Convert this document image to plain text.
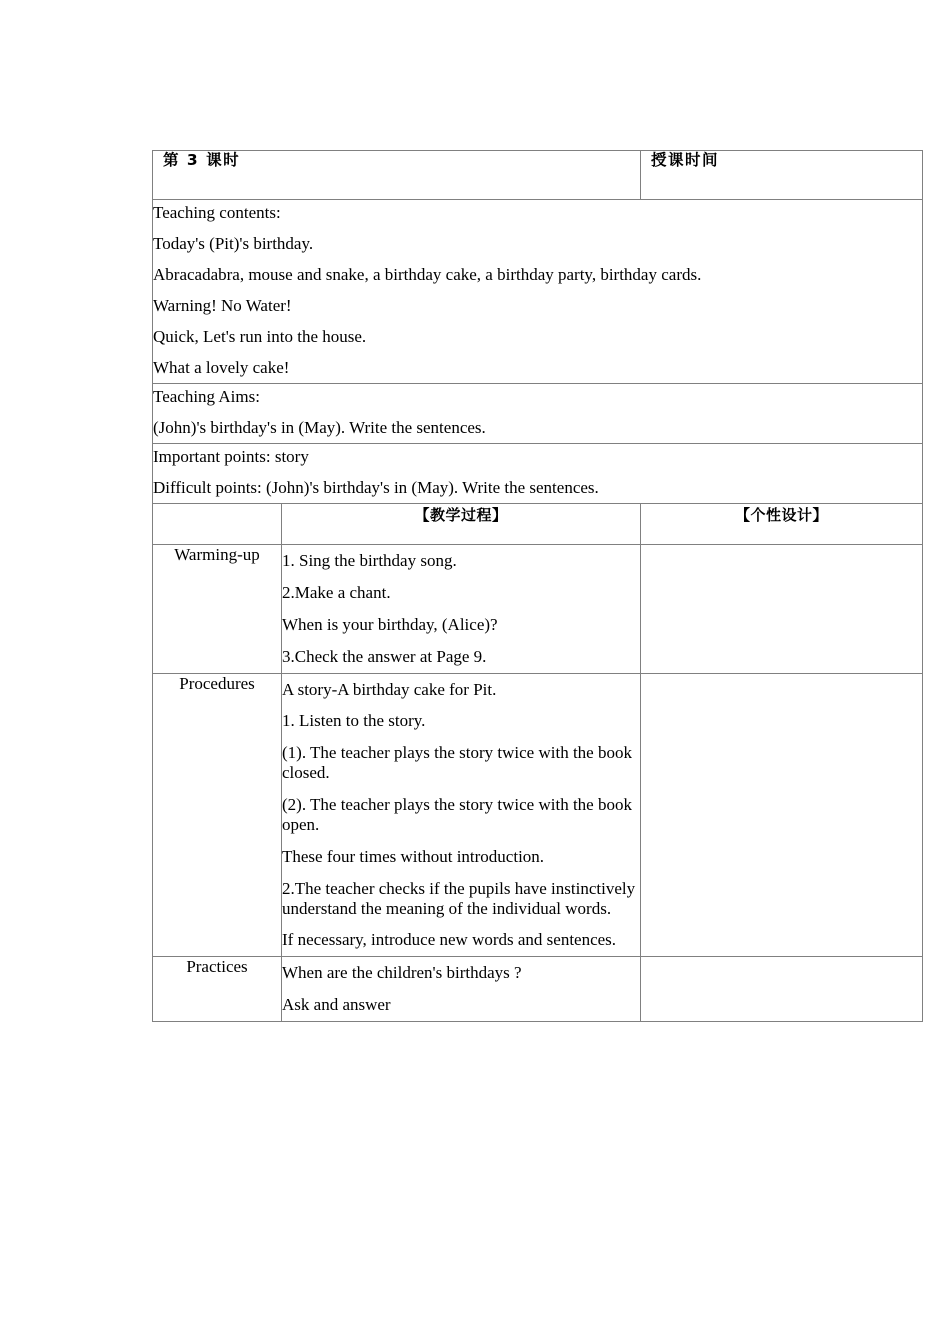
第 3 课时		授课时间

Teaching contents:
Today's (Pit)'s birthday.
Abracadabra, mouse and snake, a birthday cake, a birthday party, birthday cards.
Warning! No Water!
Quick, Let's run into the house.
What a lovely cake!

Teaching Aims:
(John)'s birthday's in (May). Write the sentences.		

Important points: story
Difficult points: (John)'s birthday's in (May). Write the sentences.		

	【教学过程】	【个性设计】
Warming-up	1. Sing the birthday song.
2.Make a chant.
When is your birthday, (Alice)?
3.Check the answer at Page 9.	

Procedures	A story-A birthday cake for Pit.
1. Listen to the story.
(1). The teacher plays the story twice with the book closed.
(2). The teacher plays the story twice with the book open.
These four times without introduction.
2.The teacher checks if the pupils have instinctively understand the meaning of the individual words.
If necessary, introduce new words and sentences.

Practices	When are the children's birthdays ?
Ask and answer	
